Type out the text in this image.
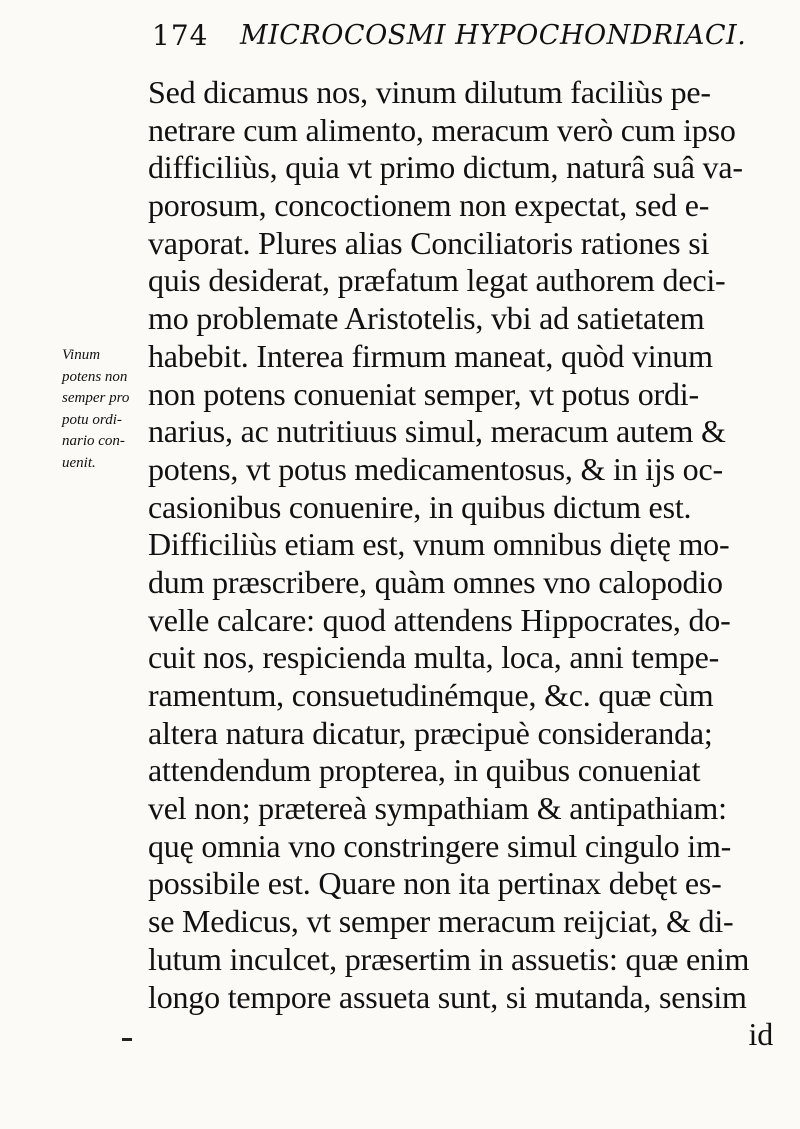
174 MICROCOSMI HYPOCHONDRIACI.
Vinum
potens non
semper pro
potu ordi-
nario con-
uenit.
Sed dicamus nos, vinum dilutum faciliùs pe-
netrare cum alimento, meracum verò cum ipso
difficiliùs, quia vt primo dictum, naturâ suâ va-
porosum, concoctionem non expectat, sed e-
vaporat. Plures alias Conciliatoris rationes si
quis desiderat, præfatum legat authorem deci-
mo problemate Aristotelis, vbi ad satietatem
habebit. Interea firmum maneat, quòd vinum
non potens conueniat semper, vt potus ordi-
narius, ac nutritiuus simul, meracum autem &
potens, vt potus medicamentosus, & in ijs oc-
casionibus conuenire, in quibus dictum est.
Difficiliùs etiam est, vnum omnibus diętę mo-
dum præscribere, quàm omnes vno calopodio
velle calcare: quod attendens Hippocrates, do-
cuit nos, respicienda multa, loca, anni tempe-
ramentum, consuetudinémque, &c. quæ cùm
altera natura dicatur, præcipuè consideranda;
attendendum propterea, in quibus conueniat
vel non; prætereà sympathiam & antipathiam:
quę omnia vno constringere simul cingulo im-
possibile est. Quare non ita pertinax debęt es-
se Medicus, vt semper meracum reijciat, & di-
lutum inculcet, præsertim in assuetis: quæ enim
longo tempore assueta sunt, si mutanda, sensim
id
